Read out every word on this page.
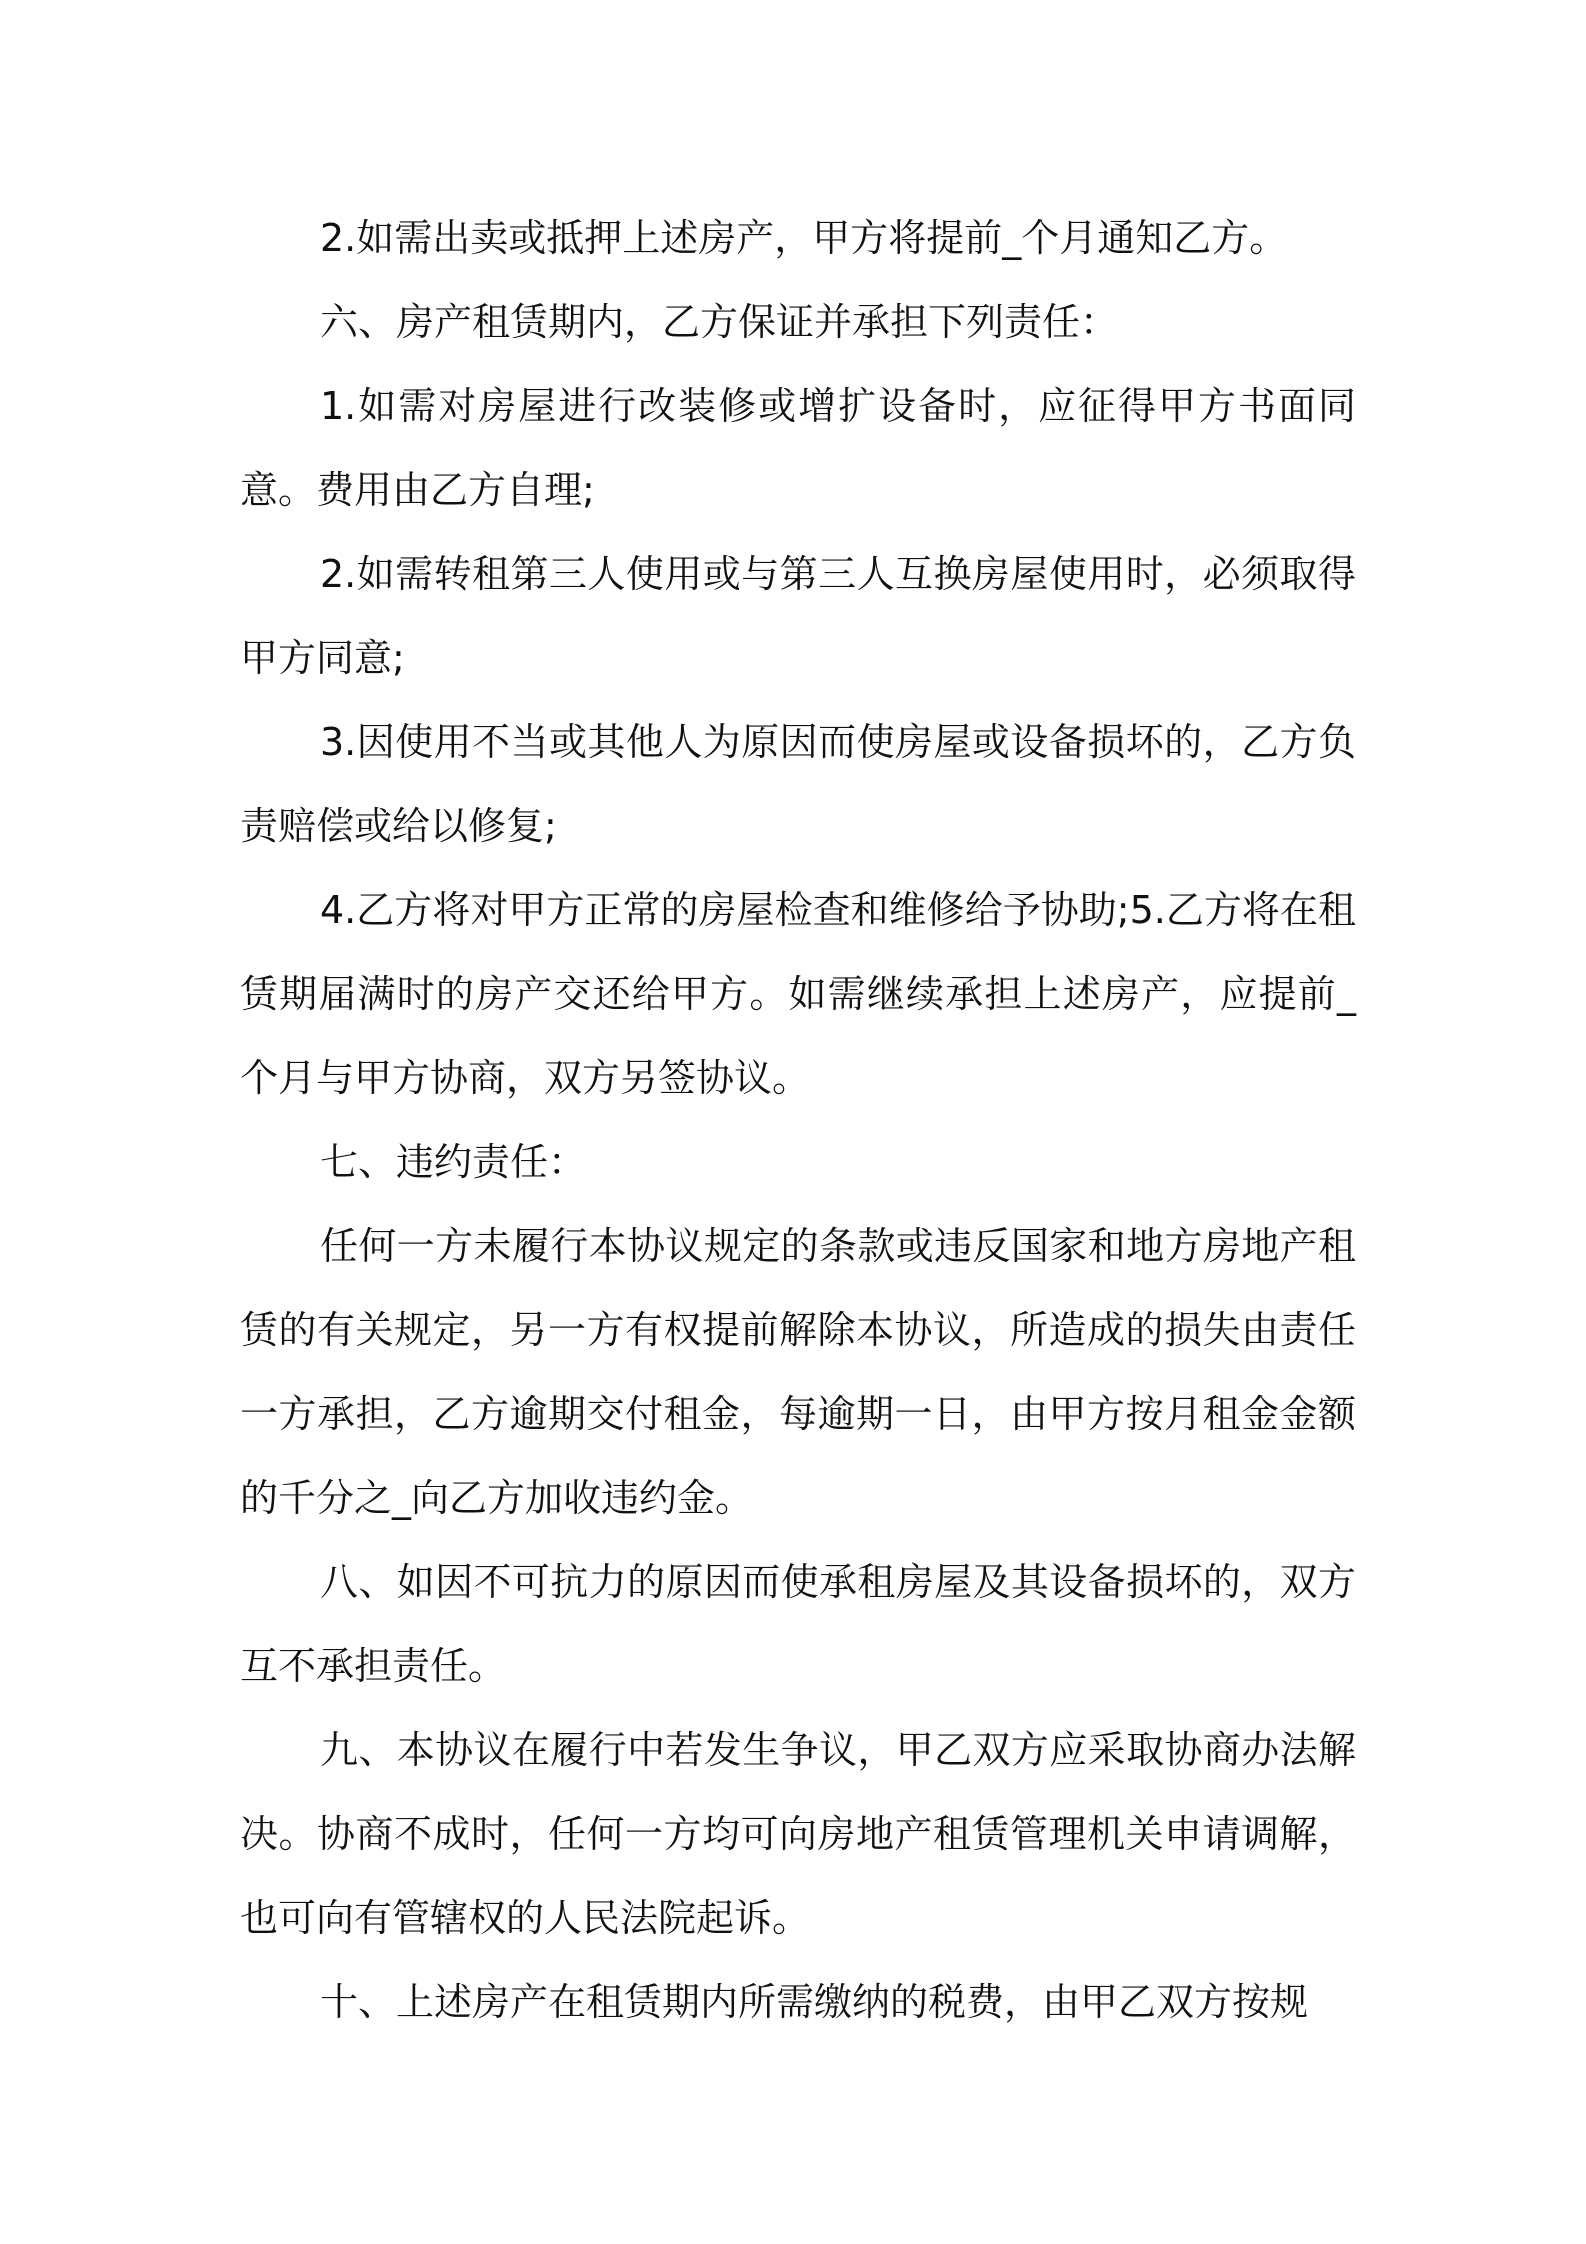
2.如需出卖或抵押上述房产，甲方将提前_个月通知乙方。

六、房产租赁期内，乙方保证并承担下列责任：

1.如需对房屋进行改装修或增扩设备时，应征得甲方书面同意。费用由乙方自理;

2.如需转租第三人使用或与第三人互换房屋使用时，必须取得甲方同意;

3.因使用不当或其他人为原因而使房屋或设备损坏的，乙方负责赔偿或给以修复;

4.乙方将对甲方正常的房屋检查和维修给予协助;5.乙方将在租赁期届满时的房产交还给甲方。如需继续承担上述房产，应提前_个月与甲方协商，双方另签协议。

七、违约责任：

任何一方未履行本协议规定的条款或违反国家和地方房地产租赁的有关规定，另一方有权提前解除本协议，所造成的损失由责任一方承担，乙方逾期交付租金，每逾期一日，由甲方按月租金金额的千分之_向乙方加收违约金。

八、如因不可抗力的原因而使承租房屋及其设备损坏的，双方互不承担责任。

九、本协议在履行中若发生争议，甲乙双方应采取协商办法解决。协商不成时，任何一方均可向房地产租赁管理机关申请调解，也可向有管辖权的人民法院起诉。

十、上述房产在租赁期内所需缴纳的税费，由甲乙双方按规
